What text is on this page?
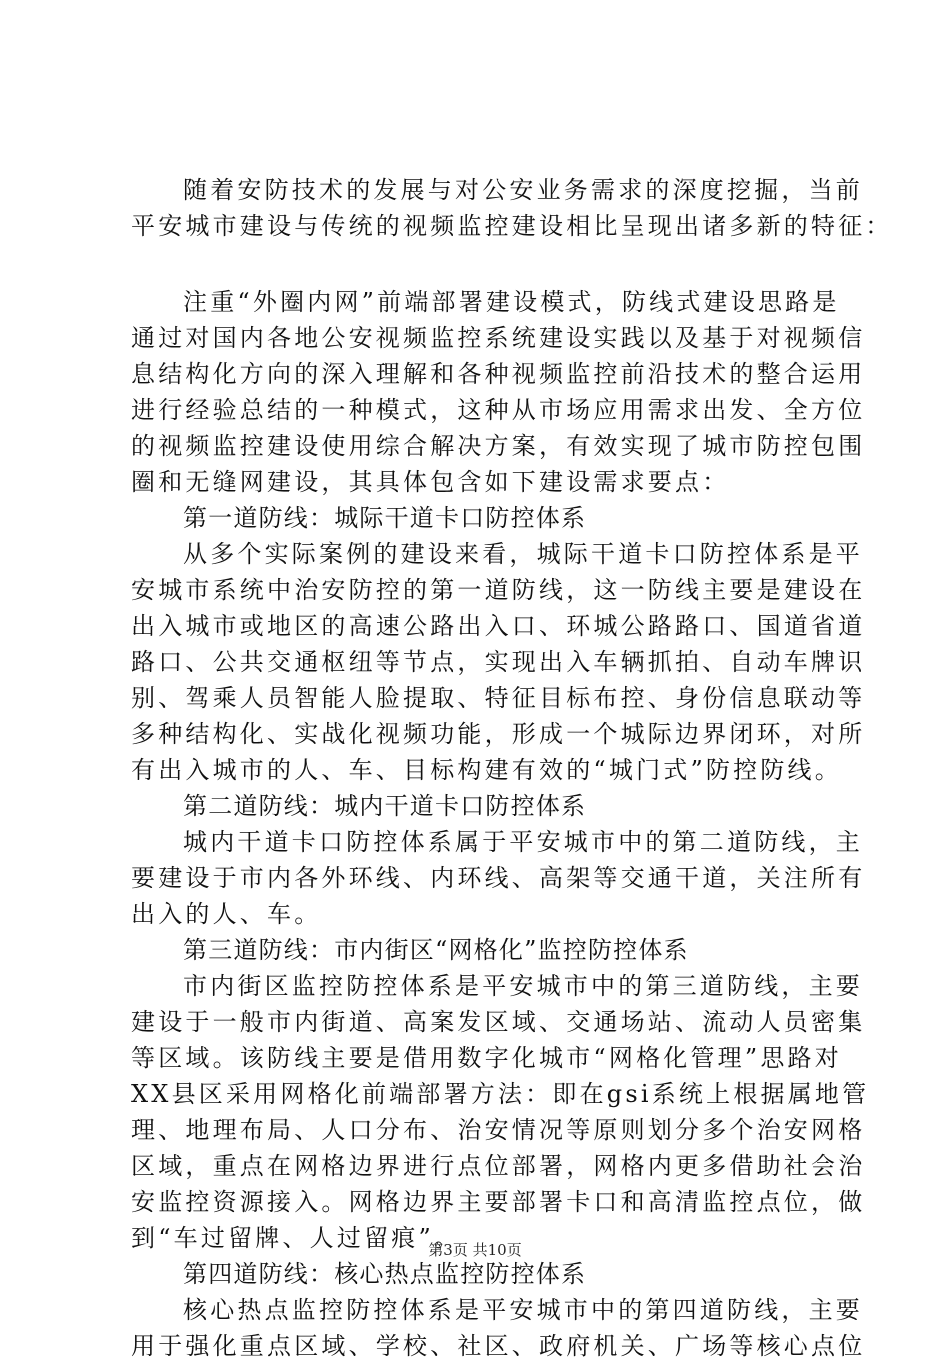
随着安防技术的发展与对公安业务需求的深度挖掘，当前
平安城市建设与传统的视频监控建设相比呈现出诸多新的特征：
注重“外圈内网”前端部署建设模式，防线式建设思路是
通过对国内各地公安视频监控系统建设实践以及基于对视频信
息结构化方向的深入理解和各种视频监控前沿技术的整合运用
进行经验总结的一种模式，这种从市场应用需求出发、全方位
的视频监控建设使用综合解决方案，有效实现了城市防控包围
圈和无缝网建设，其具体包含如下建设需求要点：
第一道防线：城际干道卡口防控体系
从多个实际案例的建设来看，城际干道卡口防控体系是平
安城市系统中治安防控的第一道防线，这一防线主要是建设在
出入城市或地区的高速公路出入口、环城公路路口、国道省道
路口、公共交通枢纽等节点，实现出入车辆抓拍、自动车牌识
别、驾乘人员智能人脸提取、特征目标布控、身份信息联动等
多种结构化、实战化视频功能，形成一个城际边界闭环，对所
有出入城市的人、车、目标构建有效的“城门式”防控防线。
第二道防线：城内干道卡口防控体系
城内干道卡口防控体系属于平安城市中的第二道防线，主
要建设于市内各外环线、内环线、高架等交通干道，关注所有
出入的人、车。
第三道防线：市内街区“网格化”监控防控体系
市内街区监控防控体系是平安城市中的第三道防线，主要
建设于一般市内街道、高案发区域、交通场站、流动人员密集
等区域。该防线主要是借用数字化城市“网格化管理”思路对
XX县区采用网格化前端部署方法：即在gsi系统上根据属地管
理、地理布局、人口分布、治安情况等原则划分多个治安网格
区域，重点在网格边界进行点位部署，网格内更多借助社会治
安监控资源接入。网格边界主要部署卡口和高清监控点位，做
到“车过留牌、人过留痕”。
第四道防线：核心热点监控防控体系
核心热点监控防控体系是平安城市中的第四道防线，主要
用于强化重点区域、学校、社区、政府机关、广场等核心点位
第3页 共10页
